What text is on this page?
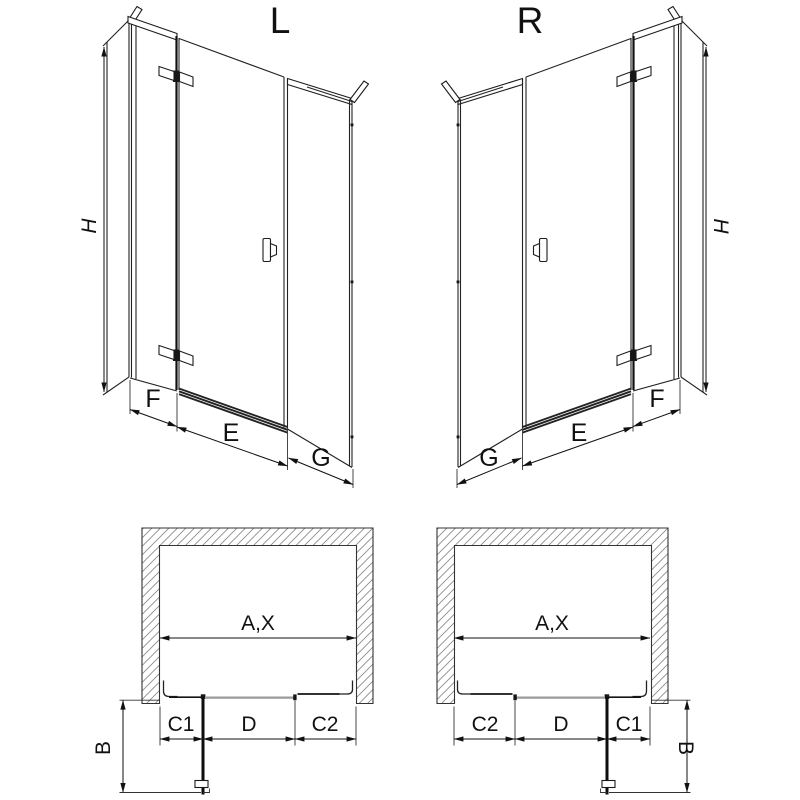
L
H
F
E
G
R
H
F
E
G
A,X
C1 D	C2
B
A,X
C2	D C1
B
